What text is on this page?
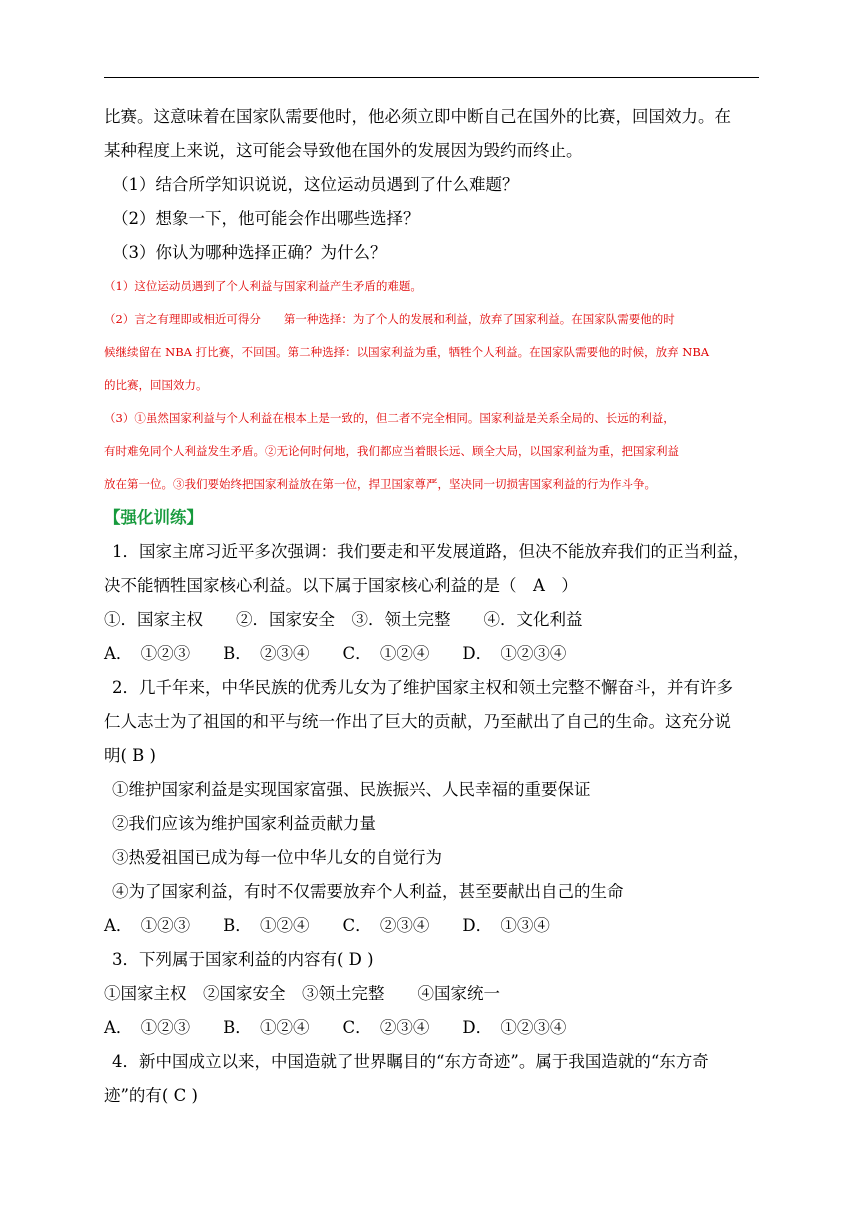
比赛。这意味着在国家队需要他时，他必须立即中断自己在国外的比赛，回国效力。在

某种程度上来说，这可能会导致他在国外的发展因为毁约而终止。

（1）结合所学知识说说，这位运动员遇到了什么难题？

（2）想象一下，他可能会作出哪些选择？

（3）你认为哪种选择正确？为什么？

（1）这位运动员遇到了个人利益与国家利益产生矛盾的难题。

（2）言之有理即或相近可得分　　第一种选择：为了个人的发展和利益，放弃了国家利益。在国家队需要他的时

候继续留在 NBA 打比赛，不回国。第二种选择：以国家利益为重，牺牲个人利益。在国家队需要他的时候，放弃 NBA

的比赛，回国效力。

（3）①虽然国家利益与个人利益在根本上是一致的，但二者不完全相同。国家利益是关系全局的、长远的利益，

有时难免同个人利益发生矛盾。②无论何时何地，我们都应当着眼长远、顾全大局，以国家利益为重，把国家利益

放在第一位。③我们要始终把国家利益放在第一位，捍卫国家尊严，坚决同一切损害国家利益的行为作斗争。

【强化训练】

1．国家主席习近平多次强调：我们要走和平发展道路，但决不能放弃我们的正当利益，

决不能牺牲国家核心利益。以下属于国家核心利益的是（　A　）

①．国家主权　　②．国家安全　③．领土完整　　④．文化利益

A．　①②③　　B．　②③④　　C．　①②④　　D．　①②③④

2．几千年来，中华民族的优秀儿女为了维护国家主权和领土完整不懈奋斗，并有许多

仁人志士为了祖国的和平与统一作出了巨大的贡献，乃至献出了自己的生命。这充分说

明( B )

①维护国家利益是实现国家富强、民族振兴、人民幸福的重要保证

②我们应该为维护国家利益贡献力量

③热爱祖国已成为每一位中华儿女的自觉行为

④为了国家利益，有时不仅需要放弃个人利益，甚至要献出自己的生命

A．　①②③　　B．　①②④　　C．　②③④　　D．　①③④

3．下列属于国家利益的内容有( D )

①国家主权　②国家安全　③领土完整　　④国家统一

A．　①②③　　B．　①②④　　C．　②③④　　D．　①②③④

4．新中国成立以来，中国造就了世界瞩目的“东方奇迹”。属于我国造就的“东方奇

迹”的有( C )
